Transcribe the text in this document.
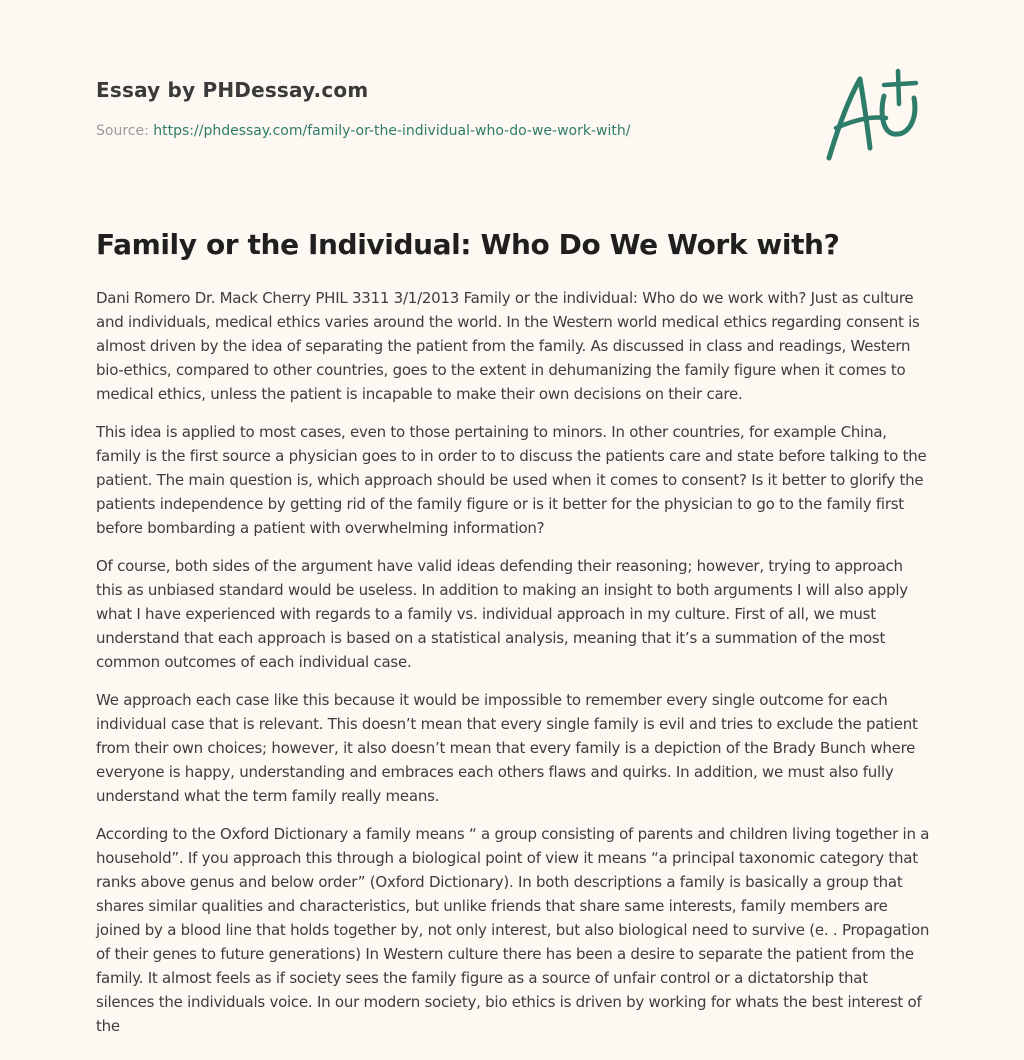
Essay by PHDessay.com
Source: https://phdessay.com/family-or-the-individual-who-do-we-work-with/
Family or the Individual: Who Do We Work with?

Dani Romero Dr. Mack Cherry PHIL 3311 3/1/2013 Family or the individual: Who do we work with? Just as culture and individuals, medical ethics varies around the world. In the Western world medical ethics regarding consent is almost driven by the idea of separating the patient from the family. As discussed in class and readings, Western bio-ethics, compared to other countries, goes to the extent in dehumanizing the family figure when it comes to medical ethics, unless the patient is incapable to make their own decisions on their care.

This idea is applied to most cases, even to those pertaining to minors. In other countries, for example China, family is the first source a physician goes to in order to to discuss the patients care and state before talking to the patient. The main question is, which approach should be used when it comes to consent? Is it better to glorify the patients independence by getting rid of the family figure or is it better for the physician to go to the family first before bombarding a patient with overwhelming information?

Of course, both sides of the argument have valid ideas defending their reasoning; however, trying to approach this as unbiased standard would be useless. In addition to making an insight to both arguments I will also apply what I have experienced with regards to a family vs. individual approach in my culture. First of all, we must understand that each approach is based on a statistical analysis, meaning that it’s a summation of the most common outcomes of each individual case.

We approach each case like this because it would be impossible to remember every single outcome for each individual case that is relevant. This doesn’t mean that every single family is evil and tries to exclude the patient from their own choices; however, it also doesn’t mean that every family is a depiction of the Brady Bunch where everyone is happy, understanding and embraces each others flaws and quirks. In addition, we must also fully understand what the term family really means.

According to the Oxford Dictionary a family means “ a group consisting of parents and children living together in a household”. If you approach this through a biological point of view it means “a principal taxonomic category that ranks above genus and below order” (Oxford Dictionary). In both descriptions a family is basically a group that shares similar qualities and characteristics, but unlike friends that share same interests, family members are joined by a blood line that holds together by, not only interest, but also biological need to survive (e. . Propagation of their genes to future generations) In Western culture there has been a desire to separate the patient from the family. It almost feels as if society sees the family figure as a source of unfair control or a dictatorship that silences the individuals voice. In our modern society, bio ethics is driven by working for whats the best interest of the
